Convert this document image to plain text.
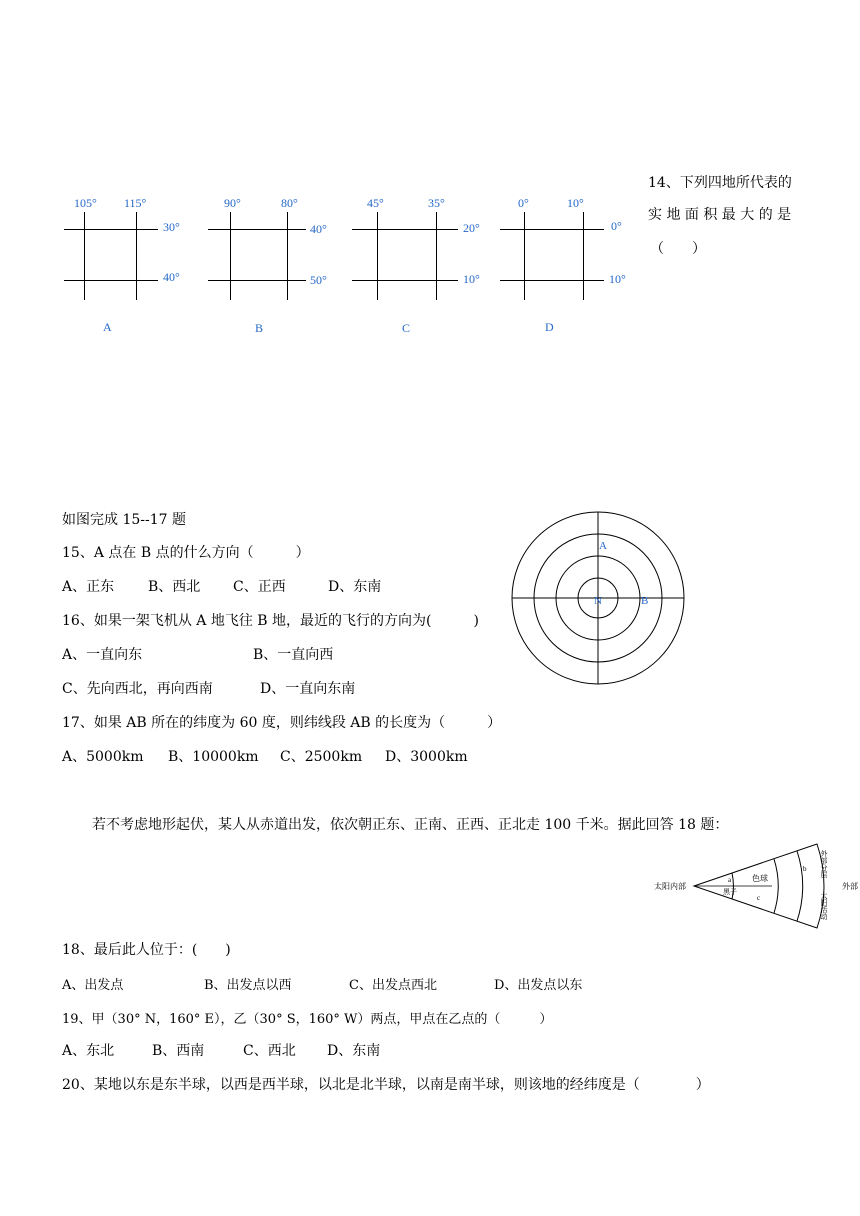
14、下列四地所代表的
实 地 面 积 最 大 的 是
（　　）
105° 115°
30°
40°
A
90°	80°
40°
50°
B
45°	35°
20°
10°
C
0°	10°
0°
10°
D
如图完成 15--17 题
15、A 点在 B 点的什么方向（　　　）
A、正东 B、西北 C、正西	D、东南
16、如果一架飞机从 A 地飞往 B 地，最近的飞行的方向为(　　　)
A、一直向东	B、一直向西
C、先向西北，再向西南	D、一直向东南
17、如果 AB 所在的纬度为 60 度，则纬线段 AB 的长度为（　　　）
A、5000km B、10000km C、2500km D、3000km
A
N	B
若不考虑地形起伏，某人从赤道出发，依次朝正东、正南、正西、正北走 100 千米。据此回答 18 题：
太阳内部	外部
a
黑子
色球
c
b 外部分层
太阳活动
18、最后此人位于：(　　)
A、出发点	B、出发点以西	C、出发点西北	D、出发点以东
19、甲（30° N，160° E），乙（30° S，160° W）两点，甲点在乙点的（　　　）
A、东北	B、西南	C、西北 D、东南
20、某地以东是东半球，以西是西半球，以北是北半球，以南是南半球，则该地的经纬度是（　　　　）
